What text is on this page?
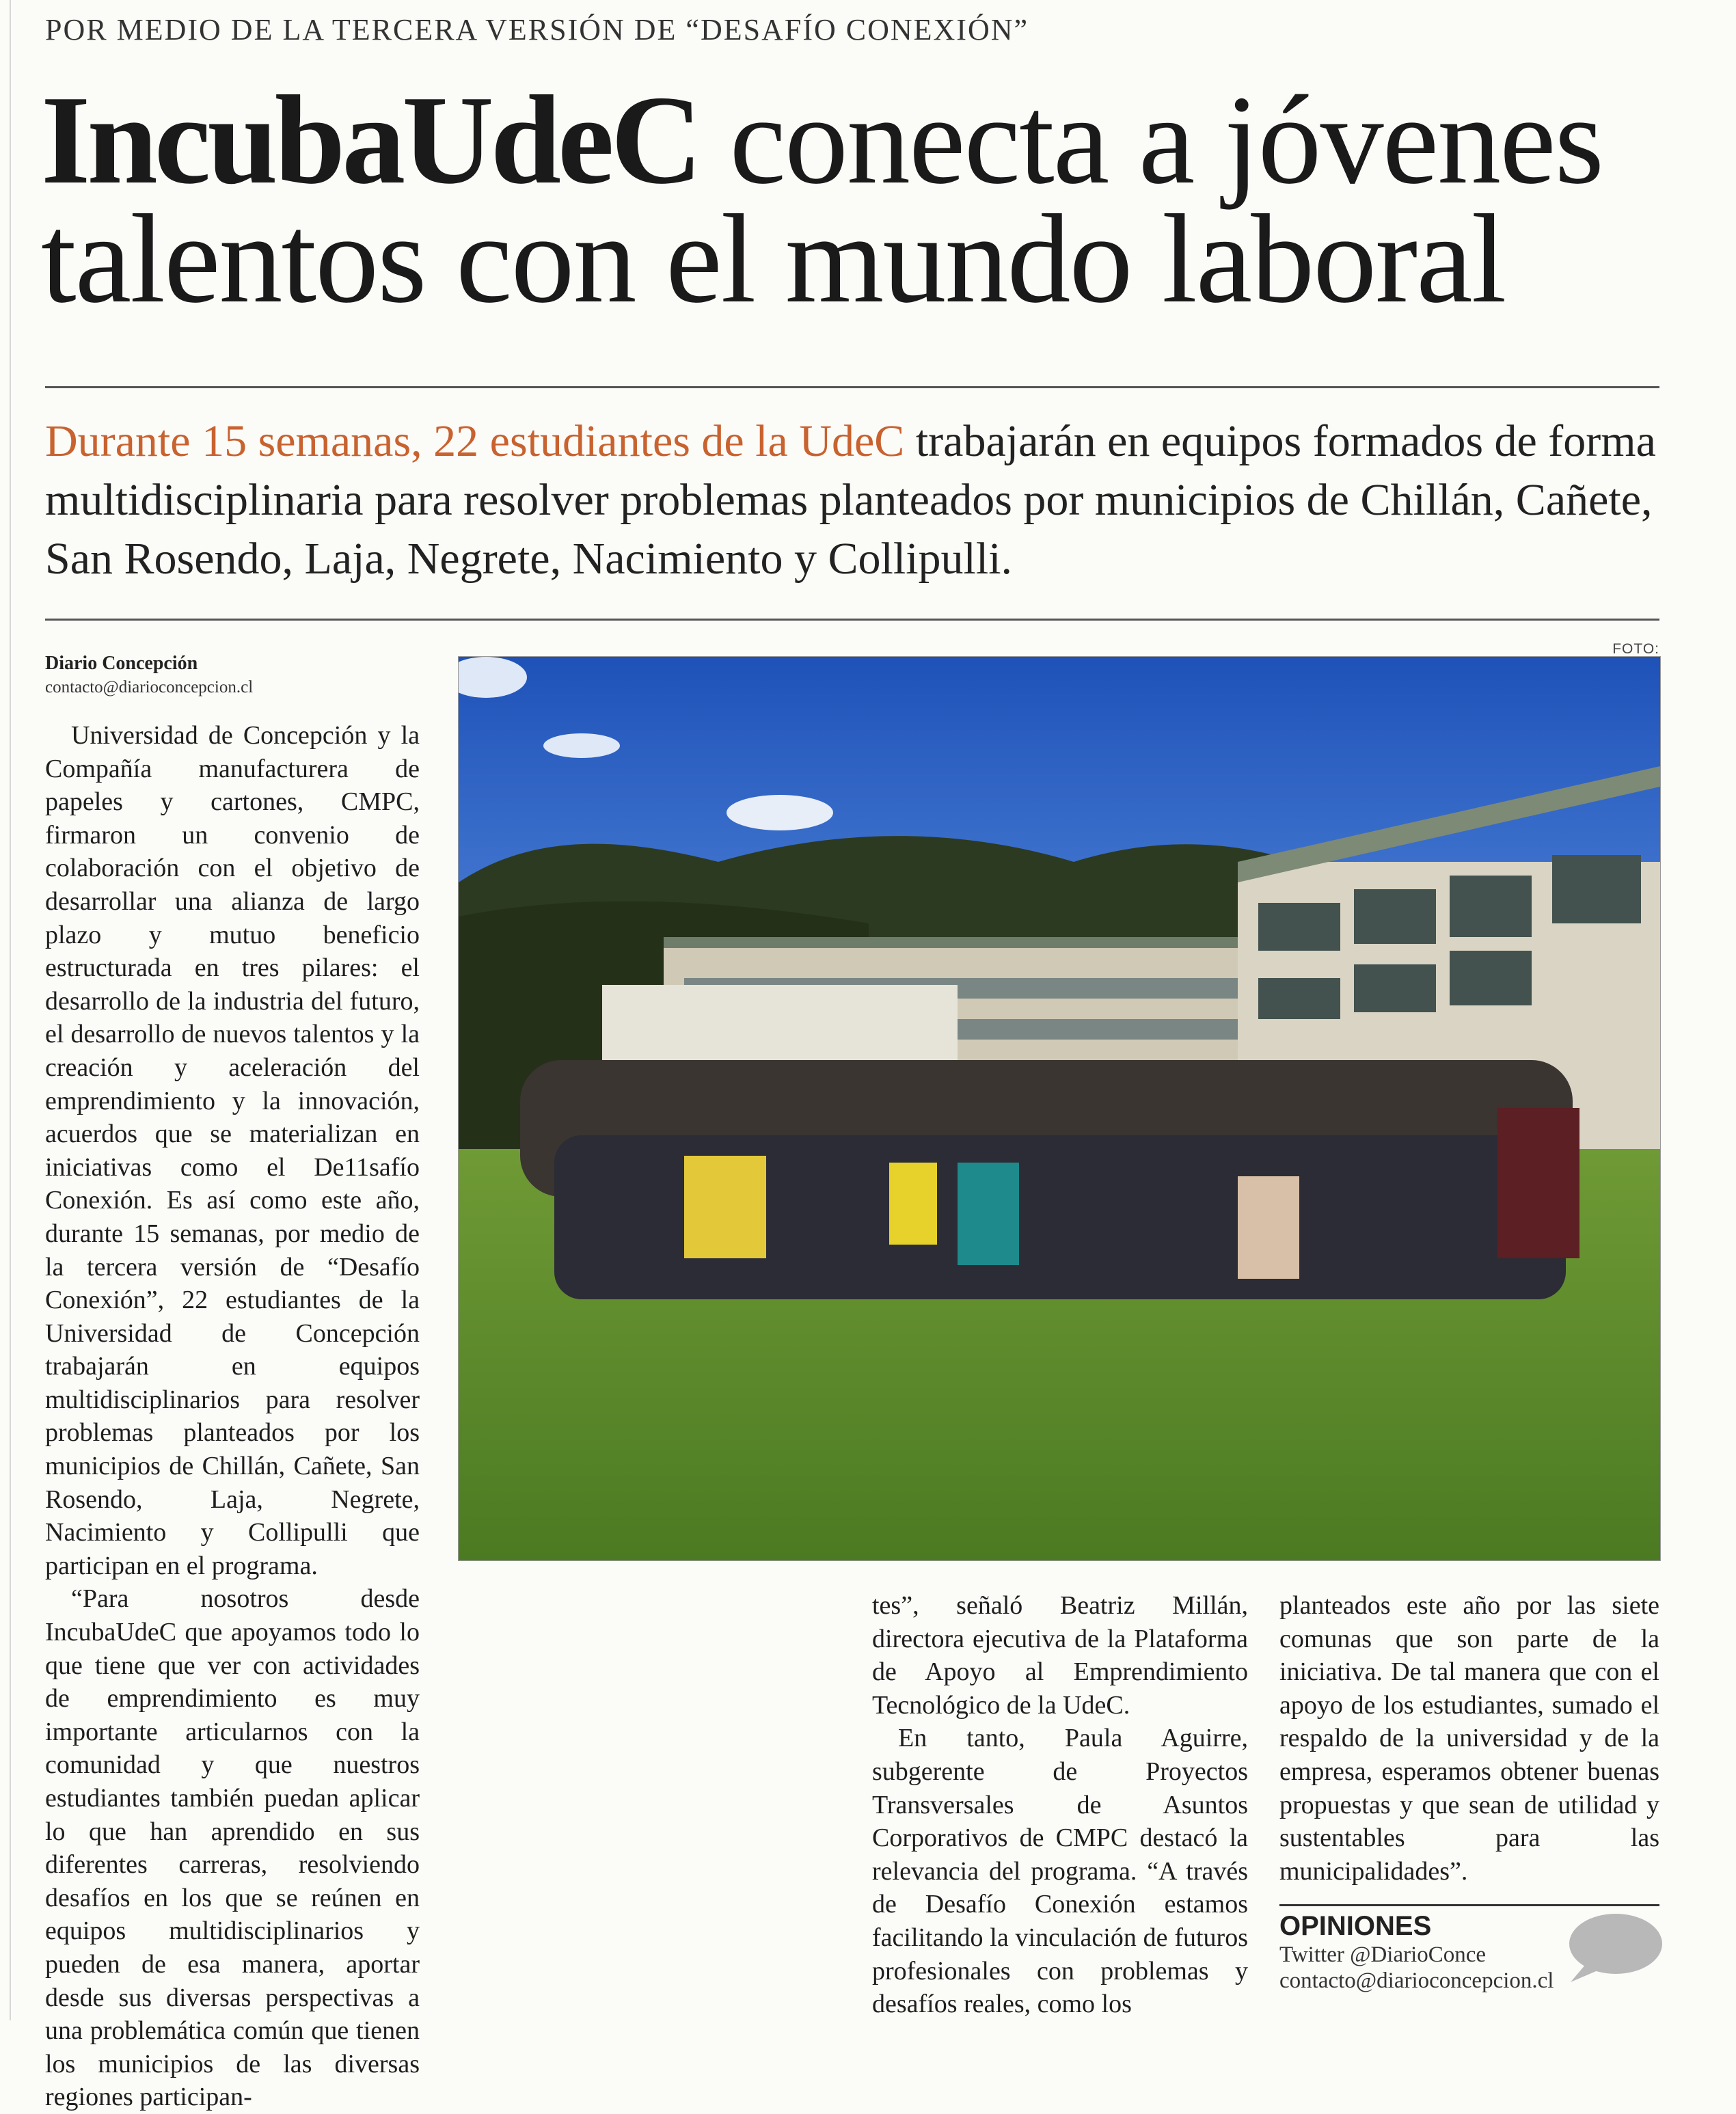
POR MEDIO DE LA TERCERA VERSIÓN DE “DESAFÍO CONEXIÓN”
IncubaUdeC conecta a jóvenes talentos con el mundo laboral

Durante 15 semanas, 22 estudiantes de la UdeC trabajarán en equipos formados de forma multidisciplinaria para resolver problemas planteados por municipios de Chillán, Cañete, San Rosendo, Laja, Negrete, Nacimiento y Collipulli.

Diario Concepción
contacto@diarioconcepcion.cl

Universidad de Concepción y la Compañía manufacturera de papeles y cartones, CMPC, firmaron un convenio de colaboración con el objetivo de desarrollar una alianza de largo plazo y mutuo beneficio estructurada en tres pilares: el desarrollo de la industria del futuro, el desarrollo de nuevos talentos y la creación y aceleración del emprendimiento y la innovación, acuerdos que se materializan en iniciativas como el De11safío Conexión. Es así como este año, durante 15 semanas, por medio de la tercera versión de “Desafío Conexión”, 22 estudiantes de la Universidad de Concepción trabajarán en equipos multidisciplinarios para resolver problemas planteados por los municipios de Chillán, Cañete, San Rosendo, Laja, Negrete, Nacimiento y Collipulli que participan en el programa.

“Para nosotros desde IncubaUdeC que apoyamos todo lo que tiene que ver con actividades de emprendimiento es muy importante articularnos con la comunidad y que nuestros estudiantes también puedan aplicar lo que han aprendido en sus diferentes carreras, resolviendo desafíos en los que se reúnen en equipos multidisciplinarios y pueden de esa manera, aportar desde sus diversas perspectivas a una problemática común que tienen los municipios de las diversas regiones participan-

FOTO:

tes”, señaló Beatriz Millán, directora ejecutiva de la Plataforma de Apoyo al Emprendimiento Tecnológico de la UdeC.

En tanto, Paula Aguirre, subgerente de Proyectos Transversales de Asuntos Corporativos de CMPC destacó la relevancia del programa. “A través de Desafío Conexión estamos facilitando la vinculación de futuros profesionales con problemas y desafíos reales, como los

planteados este año por las siete comunas que son parte de la iniciativa. De tal manera que con el apoyo de los estudiantes, sumado el respaldo de la universidad y de la empresa, esperamos obtener buenas propuestas y que sean de utilidad y sustentables para las municipalidades”.

OPINIONES
Twitter @DiarioConce
contacto@diarioconcepcion.cl
